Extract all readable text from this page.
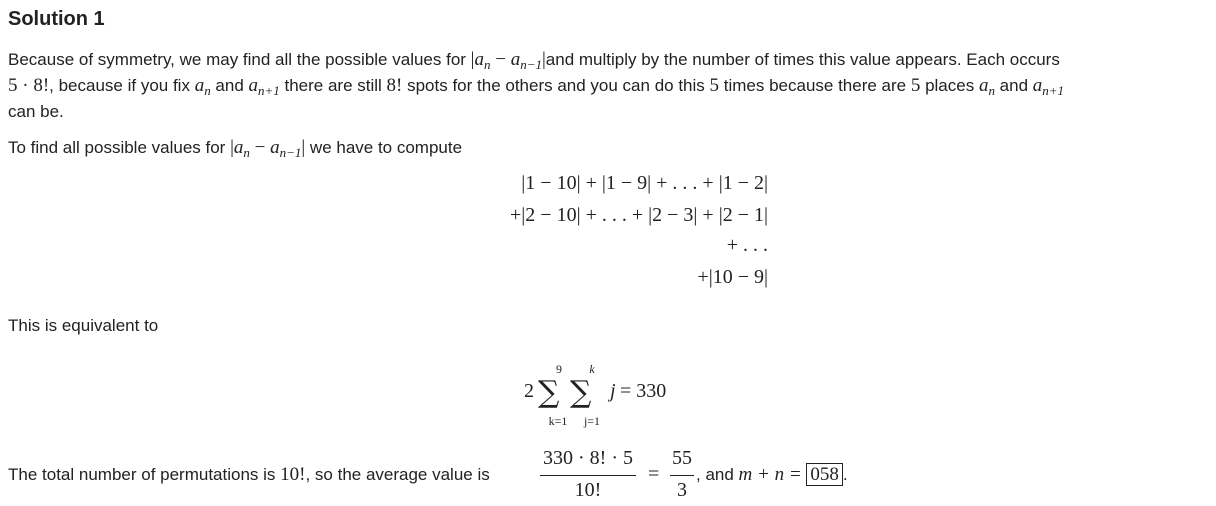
Solution 1
Because of symmetry, we may find all the possible values for $|a_n - a_{n-1}|and$ multiply by the number of times this value appears. Each occurs
5 · 8!, because if you fix $a_n$ and $a_{n+1}$ there are still 8! spots for the others and you can do this 5 times because there are 5 places $a_n$ and $a_{n+1}$
can be.
To find all possible values for $|a_n - a_{n-1}|$ we have to compute
|1 − 10| + |1 − 9| + . . . + |1 − 2|
+|2 − 10| + . . . + |2 − 3| + |2 − 1|
+ . . .
+|10 − 9|
This is equivalent to
2
9
∑
k=1
k
∑
j=1
j = 330
The total number of permutations is 10!, so the average value is
330 · 8! · 5
10!
=
55
3
, and m + n = 058 .
